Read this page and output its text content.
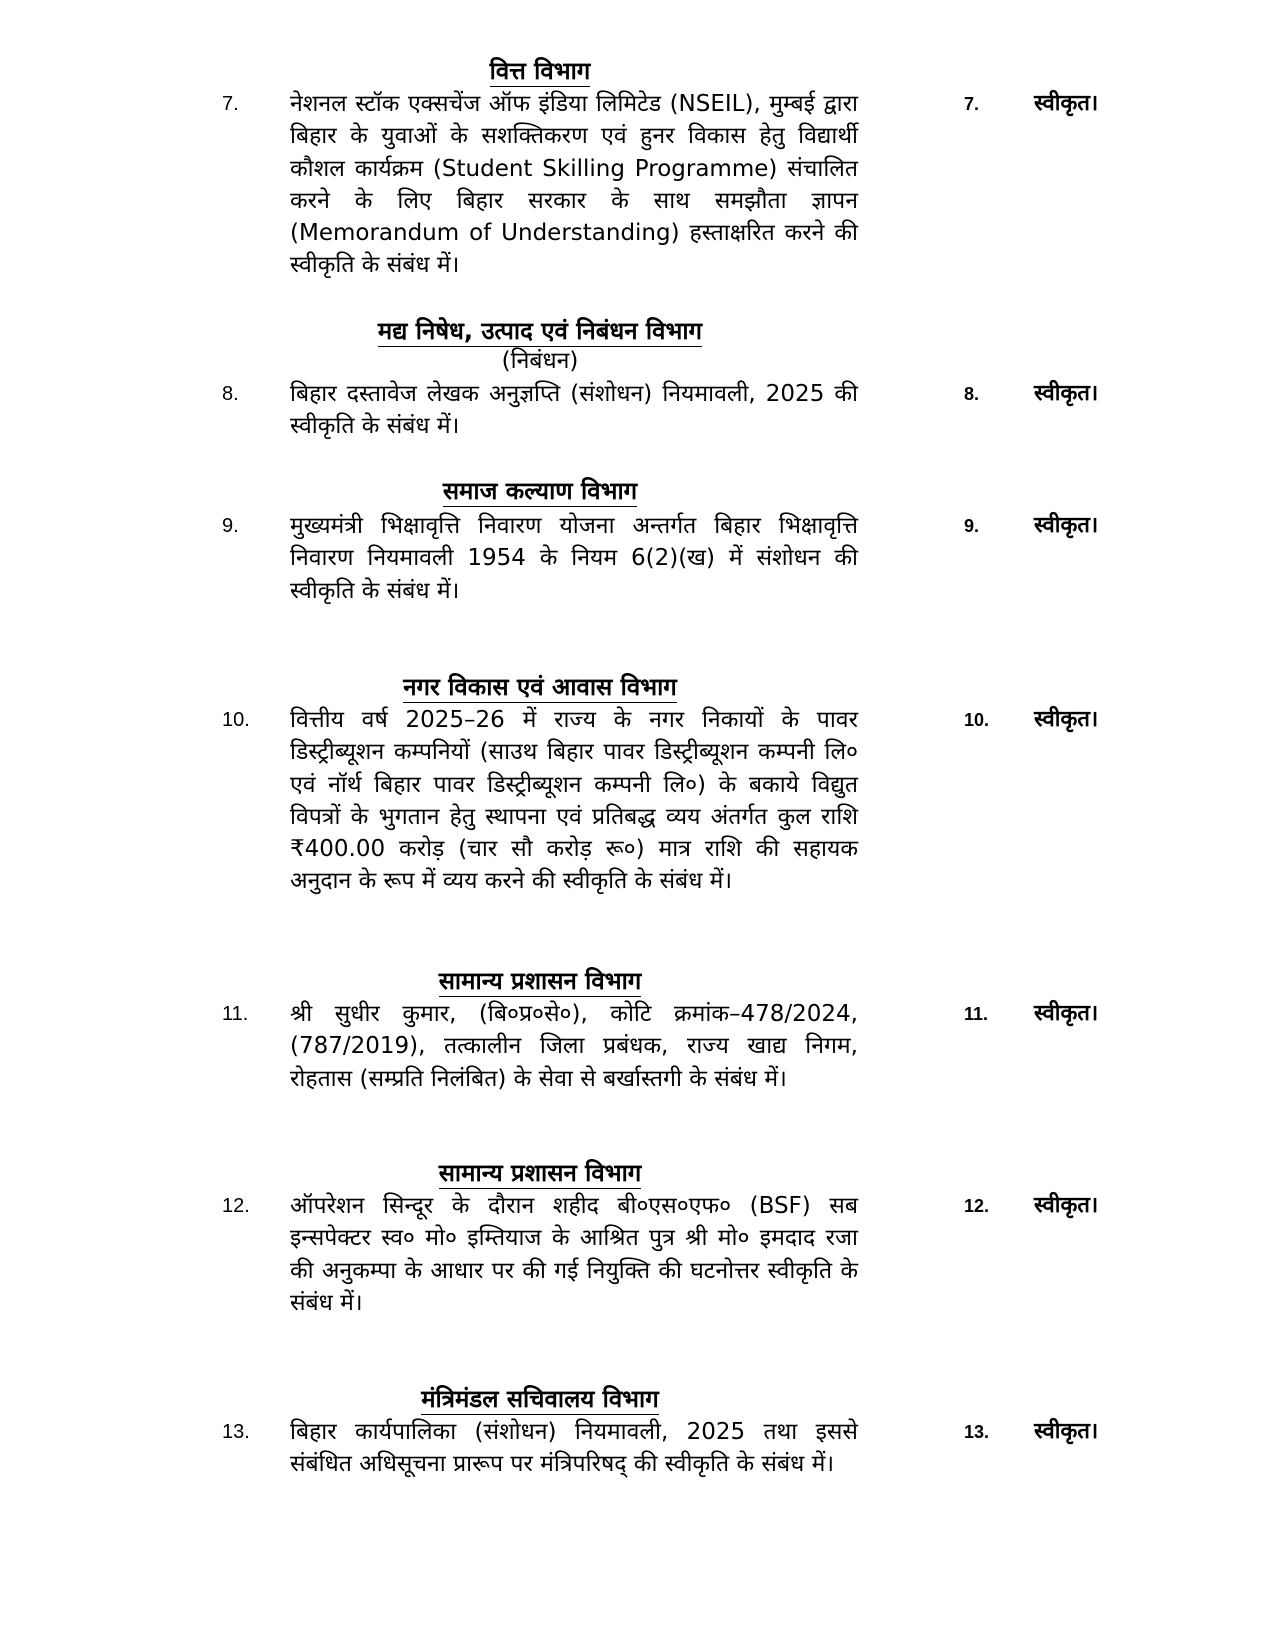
वित्त विभाग
7. नेशनल स्टॉक एक्सचेंज ऑफ इंडिया लिमिटेड (NSEIL), मुम्बई द्वारा बिहार के युवाओं के सशक्तिकरण एवं हुनर विकास हेतु विद्यार्थी कौशल कार्यक्रम (Student Skilling Programme) संचालित करने के लिए बिहार सरकार के साथ समझौता ज्ञापन (Memorandum of Understanding) हस्ताक्षरित करने की स्वीकृति के संबंध में।
7. स्वीकृत।
मद्य निषेध, उत्पाद एवं निबंधन विभाग
(निबंधन)
8. बिहार दस्तावेज लेखक अनुज्ञप्ति (संशोधन) नियमावली, 2025 की स्वीकृति के संबंध में।
8. स्वीकृत।
समाज कल्याण विभाग
9. मुख्यमंत्री भिक्षावृत्ति निवारण योजना अन्तर्गत बिहार भिक्षावृत्ति निवारण नियमावली 1954 के नियम 6(2)(ख) में संशोधन की स्वीकृति के संबंध में।
9. स्वीकृत।
नगर विकास एवं आवास विभाग
10. वित्तीय वर्ष 2025–26 में राज्य के नगर निकायों के पावर डिस्ट्रीब्यूशन कम्पनियों (साउथ बिहार पावर डिस्ट्रीब्यूशन कम्पनी लि० एवं नॉर्थ बिहार पावर डिस्ट्रीब्यूशन कम्पनी लि०) के बकाये विद्युत विपत्रों के भुगतान हेतु स्थापना एवं प्रतिबद्ध व्यय अंतर्गत कुल राशि ₹400.00 करोड़ (चार सौ करोड़ रू०) मात्र राशि की सहायक अनुदान के रूप में व्यय करने की स्वीकृति के संबंध में।
10. स्वीकृत।
सामान्य प्रशासन विभाग
11. श्री सुधीर कुमार, (बि०प्र०से०), कोटि क्रमांक–478/2024, (787/2019), तत्कालीन जिला प्रबंधक, राज्य खाद्य निगम, रोहतास (सम्प्रति निलंबित) के सेवा से बर्खास्तगी के संबंध में।
11. स्वीकृत।
सामान्य प्रशासन विभाग
12. ऑपरेशन सिन्दूर के दौरान शहीद बी०एस०एफ० (BSF) सब इन्सपेक्टर स्व० मो० इम्तियाज के आश्रित पुत्र श्री मो० इमदाद रजा की अनुकम्पा के आधार पर की गई नियुक्ति की घटनोत्तर स्वीकृति के संबंध में।
12. स्वीकृत।
मंत्रिमंडल सचिवालय विभाग
13. बिहार कार्यपालिका (संशोधन) नियमावली, 2025 तथा इससे संबंधित अधिसूचना प्रारूप पर मंत्रिपरिषद् की स्वीकृति के संबंध में।
13. स्वीकृत।
